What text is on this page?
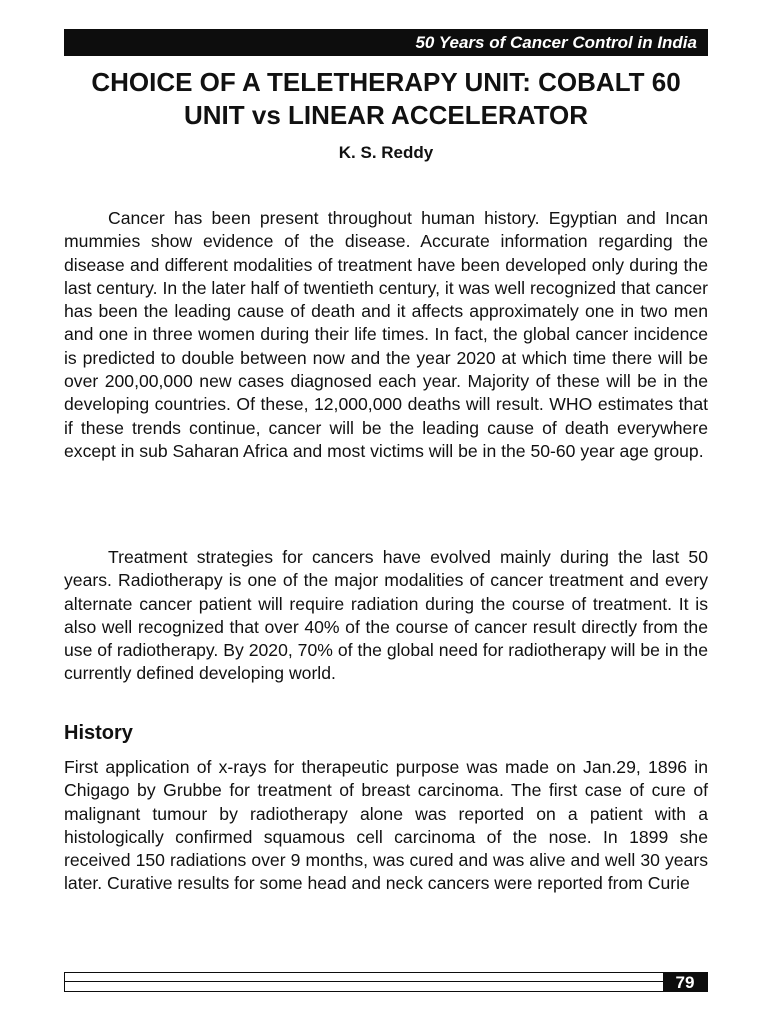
50 Years of Cancer Control in India
CHOICE OF A TELETHERAPY UNIT: COBALT 60 UNIT vs LINEAR ACCELERATOR

K. S. Reddy

Cancer has been present throughout human history. Egyptian and Incan mummies show evidence of the disease. Accurate information regarding the disease and different modalities of treatment have been developed only during the last century. In the later half of twentieth century, it was well recognized that cancer has been the leading cause of death and it affects approximately one in two men and one in three women during their life times. In fact, the global cancer incidence is predicted to double between now and the year 2020 at which time there will be over 200,00,000 new cases diagnosed each year. Majority of these will be in the developing countries. Of these, 12,000,000 deaths will result. WHO estimates that if these trends continue, cancer will be the leading cause of death everywhere except in sub Saharan Africa and most victims will be in the 50-60 year age group.

Treatment strategies for cancers have evolved mainly during the last 50 years. Radiotherapy is one of the major modalities of cancer treatment and every alternate cancer patient will require radiation during the course of treatment. It is also well recognized that over 40% of the course of cancer result directly from the use of radiotherapy. By 2020, 70% of the global need for radiotherapy will be in the currently defined developing world.

History

First application of x-rays for therapeutic purpose was made on Jan.29, 1896 in Chigago by Grubbe for treatment of breast carcinoma. The first case of cure of malignant tumour by radiotherapy alone was reported on a patient with a histologically confirmed squamous cell carcinoma of the nose. In 1899 she received 150 radiations over 9 months, was cured and was alive and well 30 years later. Curative results for some head and neck cancers were reported from Curie

79
